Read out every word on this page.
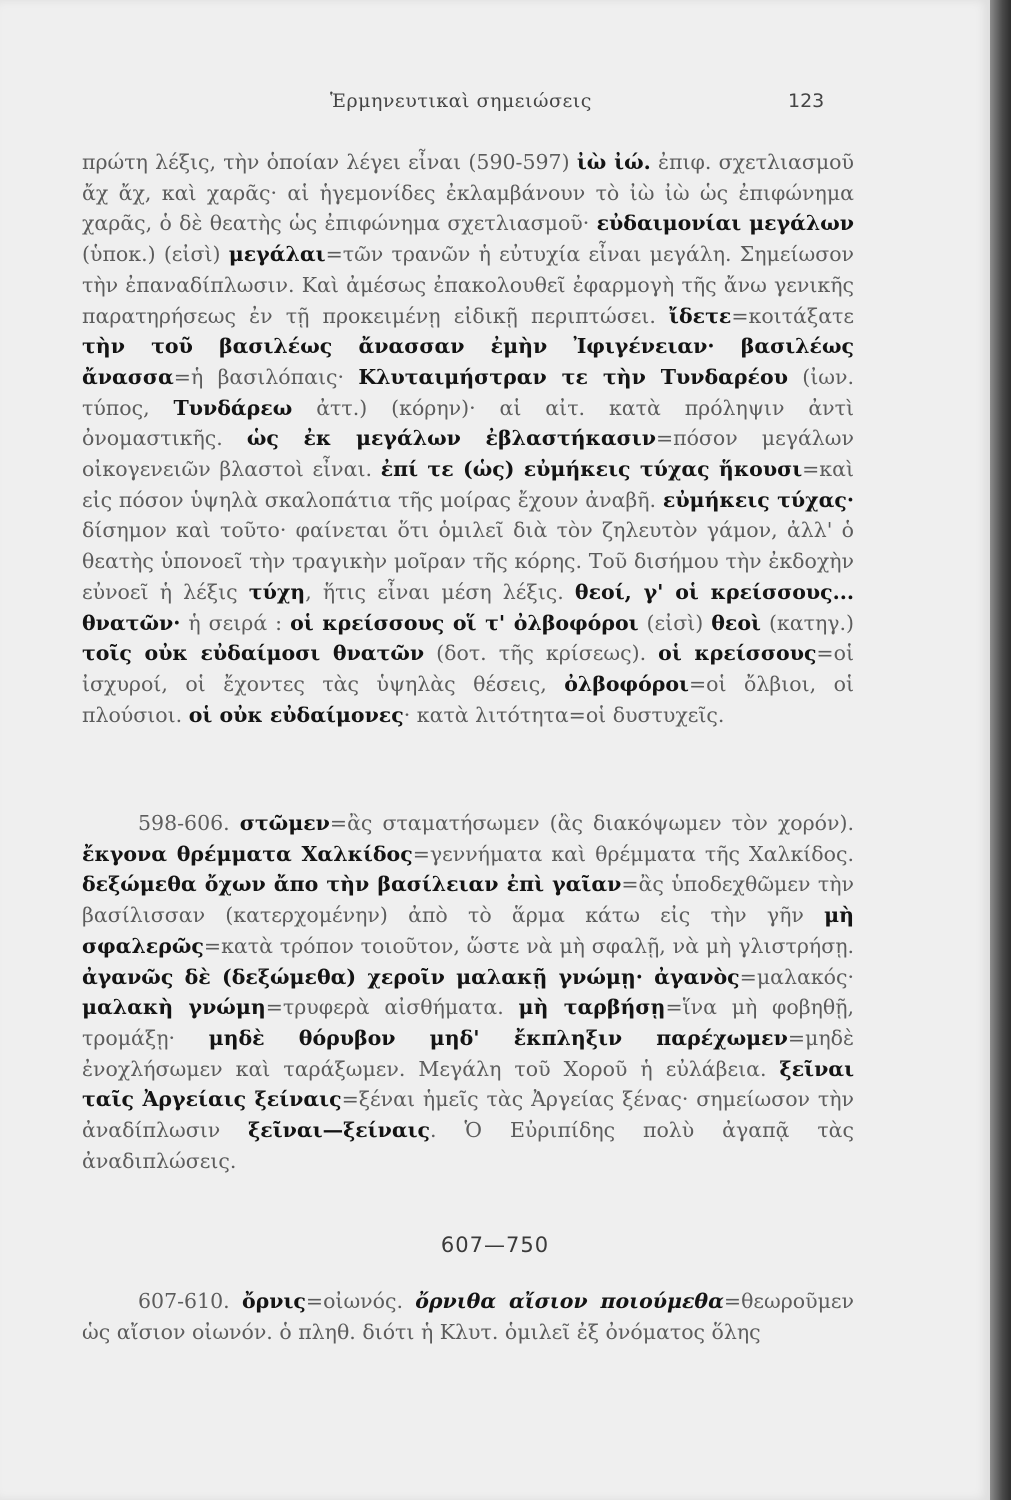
Ἑρμηνευτικαὶ σημειώσεις	123
πρώτη λέξις, τὴν ὁποίαν λέγει εἶναι (590-597) ἰὼ ἰώ. ἐπιφ. σχετλιασμοῦ ἄχ ἄχ, καὶ χαρᾶς· αἱ ἡγεμονίδες ἐκλαμβάνουν τὸ ἰὼ ἰὼ ὡς ἐπιφώνημα χαρᾶς, ὁ δὲ θεατὴς ὡς ἐπιφώνημα σχετλιασμοῦ· εὐδαιμονίαι μεγάλων (ὑποκ.) (εἰσὶ) μεγάλαι=τῶν τρανῶν ἡ εὐτυχία εἶναι μεγάλη. Σημείωσον τὴν ἐπαναδίπλωσιν. Καὶ ἀμέσως ἐπακολουθεῖ ἐφαρμογὴ τῆς ἄνω γενικῆς παρατηρήσεως ἐν τῇ προκειμένῃ εἰδικῇ περιπτώσει. ἴδετε=κοιτάξατε τὴν τοῦ βασιλέως ἄνασσαν ἐμὴν Ἰφιγένειαν· βασιλέως ἄνασσα=ἡ βασιλόπαις· Κλυταιμήστραν τε τὴν Τυνδαρέου (ἰων. τύπος, Τυνδάρεω ἀττ.) (κόρην)· αἱ αἰτ. κατὰ πρόληψιν ἀντὶ ὀνομαστικῆς. ὡς ἐκ μεγάλων ἐβλαστήκασιν=πόσον μεγάλων οἰκογενειῶν βλαστοὶ εἶναι. ἐπί τε (ὡς) εὐμήκεις τύχας ἥκουσι=καὶ εἰς πόσον ὑψηλὰ σκαλοπάτια τῆς μοίρας ἔχουν ἀναβῆ. εὐμήκεις τύχας· δίσημον καὶ τοῦτο· φαίνεται ὅτι ὁμιλεῖ διὰ τὸν ζηλευτὸν γάμον, ἀλλ' ὁ θεατὴς ὑπονοεῖ τὴν τραγικὴν μοῖραν τῆς κόρης. Τοῦ δισήμου τὴν ἐκδοχὴν εὐνοεῖ ἡ λέξις τύχη, ἥτις εἶναι μέση λέξις. θεοί, γ' οἱ κρείσσους... θνατῶν· ἡ σειρά : οἱ κρείσσους οἵ τ' ὀλβοφόροι (εἰσὶ) θεοὶ (κατηγ.) τοῖς οὐκ εὐδαίμοσι θνατῶν (δοτ. τῆς κρίσεως). οἱ κρείσσους=οἱ ἰσχυροί, οἱ ἔχοντες τὰς ὑψηλὰς θέσεις, ὀλβοφόροι=οἱ ὄλβιοι, οἱ πλούσιοι. οἱ οὐκ εὐδαίμονες· κατὰ λιτότητα=οἱ δυστυχεῖς.
598-606. στῶμεν=ἂς σταματήσωμεν (ἂς διακόψωμεν τὸν χορόν). ἔκγονα θρέμματα Χαλκίδος=γεννήματα καὶ θρέμματα τῆς Χαλκίδος. δεξώμεθα ὄχων ἄπο τὴν βασίλειαν ἐπὶ γαῖαν=ἂς ὑποδεχθῶμεν τὴν βασίλισσαν (κατερχομένην) ἀπὸ τὸ ἅρμα κάτω εἰς τὴν γῆν μὴ σφαλερῶς=κατὰ τρόπον τοιοῦτον, ὥστε νὰ μὴ σφαλῇ, νὰ μὴ γλιστρήσῃ. ἀγανῶς δὲ (δεξώμεθα) χεροῖν μαλακῇ γνώμῃ· ἀγανὸς=μαλακός· μαλακὴ γνώμη=τρυφερὰ αἰσθήματα. μὴ ταρβήσῃ=ἵνα μὴ φοβηθῇ, τρομάξῃ· μηδὲ θόρυβον μηδ' ἔκπληξιν παρέχωμεν=μηδὲ ἐνοχλήσωμεν καὶ ταράξωμεν. Μεγάλη τοῦ Χοροῦ ἡ εὐλάβεια. ξεῖναι ταῖς Ἀργείαις ξείναις=ξέναι ἡμεῖς τὰς Ἀργείας ξένας· σημείωσον τὴν ἀναδίπλωσιν ξεῖναι—ξείναις. Ὁ Εὐριπίδης πολὺ ἀγαπᾷ τὰς ἀναδιπλώσεις.
607—750
607-610. ὄρνις=οἰωνός. ὄρνιθα αἴσιον ποιούμεθα=θεωροῦμεν ὡς αἴσιον οἰωνόν. ὁ πληθ. διότι ἡ Κλυτ. ὁμιλεῖ ἐξ ὀνόματος ὅλης
